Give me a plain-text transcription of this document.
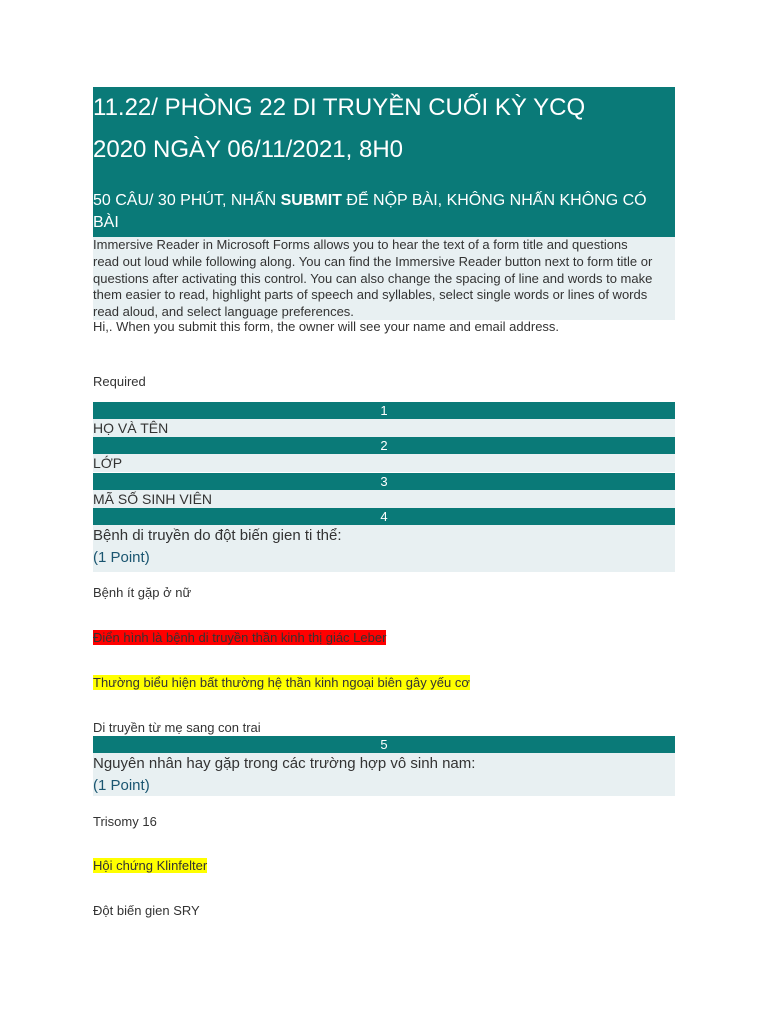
11.22/ PHÒNG 22 DI TRUYỀN CUỐI KỲ YCQ
2020 NGÀY 06/11/2021, 8H0
50 CÂU/ 30 PHÚT, NHẤN SUBMIT ĐỂ NỘP BÀI, KHÔNG NHẤN KHÔNG CÓ BÀI
Immersive Reader in Microsoft Forms allows you to hear the text of a form title and questions
read out loud while following along. You can find the Immersive Reader button next to form title or
questions after activating this control. You can also change the spacing of line and words to make
them easier to read, highlight parts of speech and syllables, select single words or lines of words
read aloud, and select language preferences.
Hi,. When you submit this form, the owner will see your name and email address.
Required
1
HỌ VÀ TÊN
2
LỚP
3
MÃ SỐ SINH VIÊN
4
Bệnh di truyền do đột biến gien ti thể:
(1 Point)
Bệnh ít gặp ở nữ
Điển hình là bệnh di truyền thần kinh thị giác Leber
Thường biểu hiện bất thường hệ thần kinh ngoại biên gây yếu cơ
Di truyền từ mẹ sang con trai
5
Nguyên nhân hay gặp trong các trường hợp vô sinh nam:
(1 Point)
Trisomy 16
Hội chứng Klinfelter
Đột biến gien SRY
